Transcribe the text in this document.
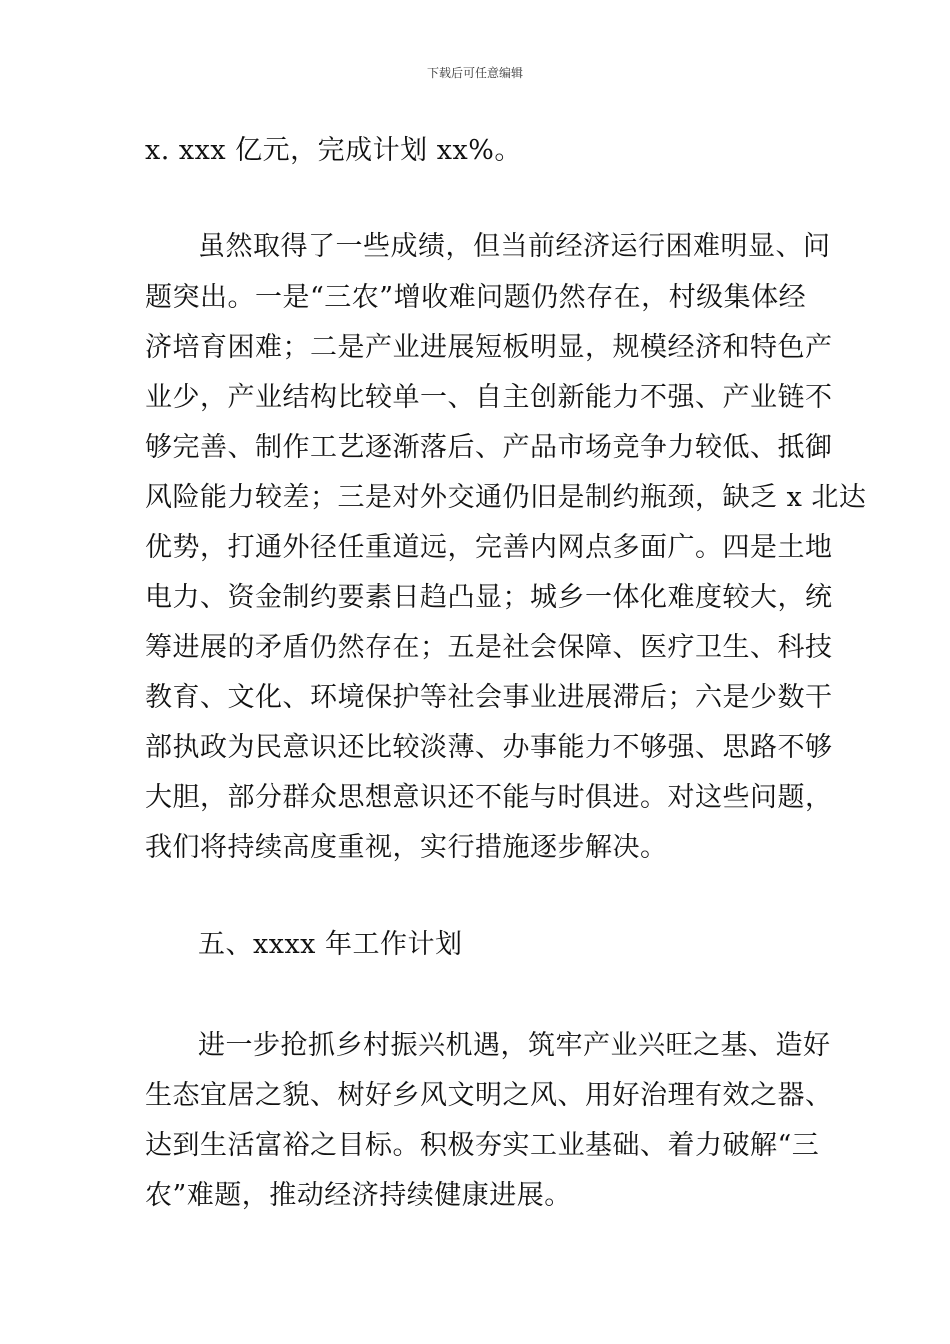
下载后可任意编辑
x. xxx 亿元，完成计划 xx%。
虽然取得了一些成绩，但当前经济运行困难明显、问
题突出。一是“三农”增收难问题仍然存在，村级集体经
济培育困难；二是产业进展短板明显，规模经济和特色产
业少，产业结构比较单一、自主创新能力不强、产业链不
够完善、制作工艺逐渐落后、产品市场竞争力较低、抵御
风险能力较差；三是对外交通仍旧是制约瓶颈，缺乏 x 北达
优势，打通外径任重道远，完善内网点多面广。四是土地
电力、资金制约要素日趋凸显；城乡一体化难度较大，统
筹进展的矛盾仍然存在；五是社会保障、医疗卫生、科技
教育、文化、环境保护等社会事业进展滞后；六是少数干
部执政为民意识还比较淡薄、办事能力不够强、思路不够
大胆，部分群众思想意识还不能与时俱进。对这些问题，
我们将持续高度重视，实行措施逐步解决。
五、xxxx 年工作计划
进一步抢抓乡村振兴机遇，筑牢产业兴旺之基、造好
生态宜居之貌、树好乡风文明之风、用好治理有效之器、
达到生活富裕之目标。积极夯实工业基础、着力破解“三
农”难题，推动经济持续健康进展。
